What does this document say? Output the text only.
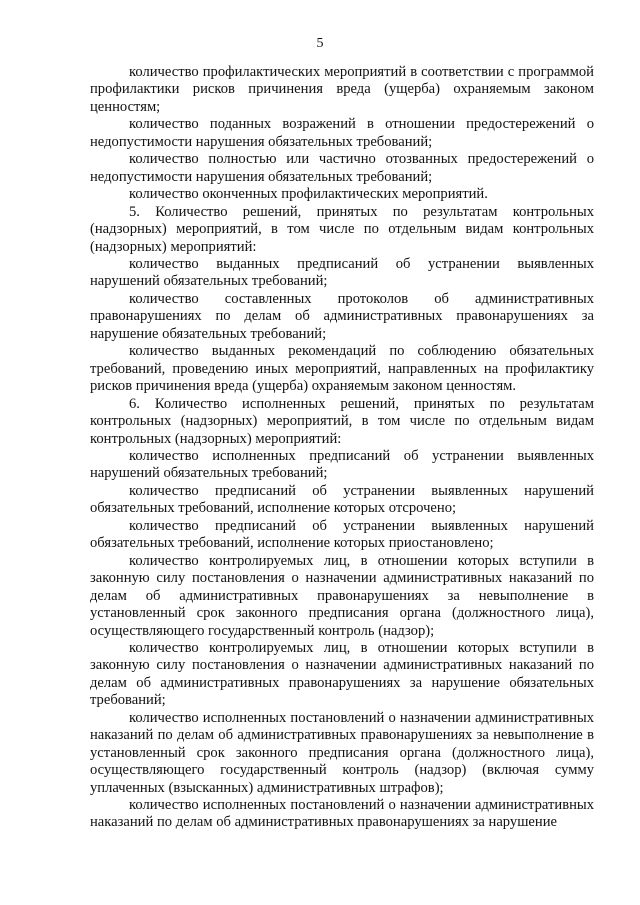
5

количество профилактических мероприятий в соответствии с программой профилактики рисков причинения вреда (ущерба) охраняемым законом ценностям;

количество поданных возражений в отношении предостережений о недопустимости нарушения обязательных требований;

количество полностью или частично отозванных предостережений о недопустимости нарушения обязательных требований;

количество оконченных профилактических мероприятий.

5. Количество решений, принятых по результатам контрольных (надзорных) мероприятий, в том числе по отдельным видам контрольных (надзорных) мероприятий:

количество выданных предписаний об устранении выявленных нарушений обязательных требований;

количество составленных протоколов об административных правонарушениях по делам об административных правонарушениях за нарушение обязательных требований;

количество выданных рекомендаций по соблюдению обязательных требований, проведению иных мероприятий, направленных на профилактику рисков причинения вреда (ущерба) охраняемым законом ценностям.

6. Количество исполненных решений, принятых по результатам контрольных (надзорных) мероприятий, в том числе по отдельным видам контрольных (надзорных) мероприятий:

количество исполненных предписаний об устранении выявленных нарушений обязательных требований;

количество предписаний об устранении выявленных нарушений обязательных требований, исполнение которых отсрочено;

количество предписаний об устранении выявленных нарушений обязательных требований, исполнение которых приостановлено;

количество контролируемых лиц, в отношении которых вступили в законную силу постановления о назначении административных наказаний по делам об административных правонарушениях за невыполнение в установленный срок законного предписания органа (должностного лица), осуществляющего государственный контроль (надзор);

количество контролируемых лиц, в отношении которых вступили в законную силу постановления о назначении административных наказаний по делам об административных правонарушениях за нарушение обязательных требований;

количество исполненных постановлений о назначении административных наказаний по делам об административных правонарушениях за невыполнение в установленный срок законного предписания органа (должностного лица), осуществляющего государственный контроль (надзор) (включая сумму уплаченных (взысканных) административных штрафов);

количество исполненных постановлений о назначении административных наказаний по делам об административных правонарушениях за нарушение
